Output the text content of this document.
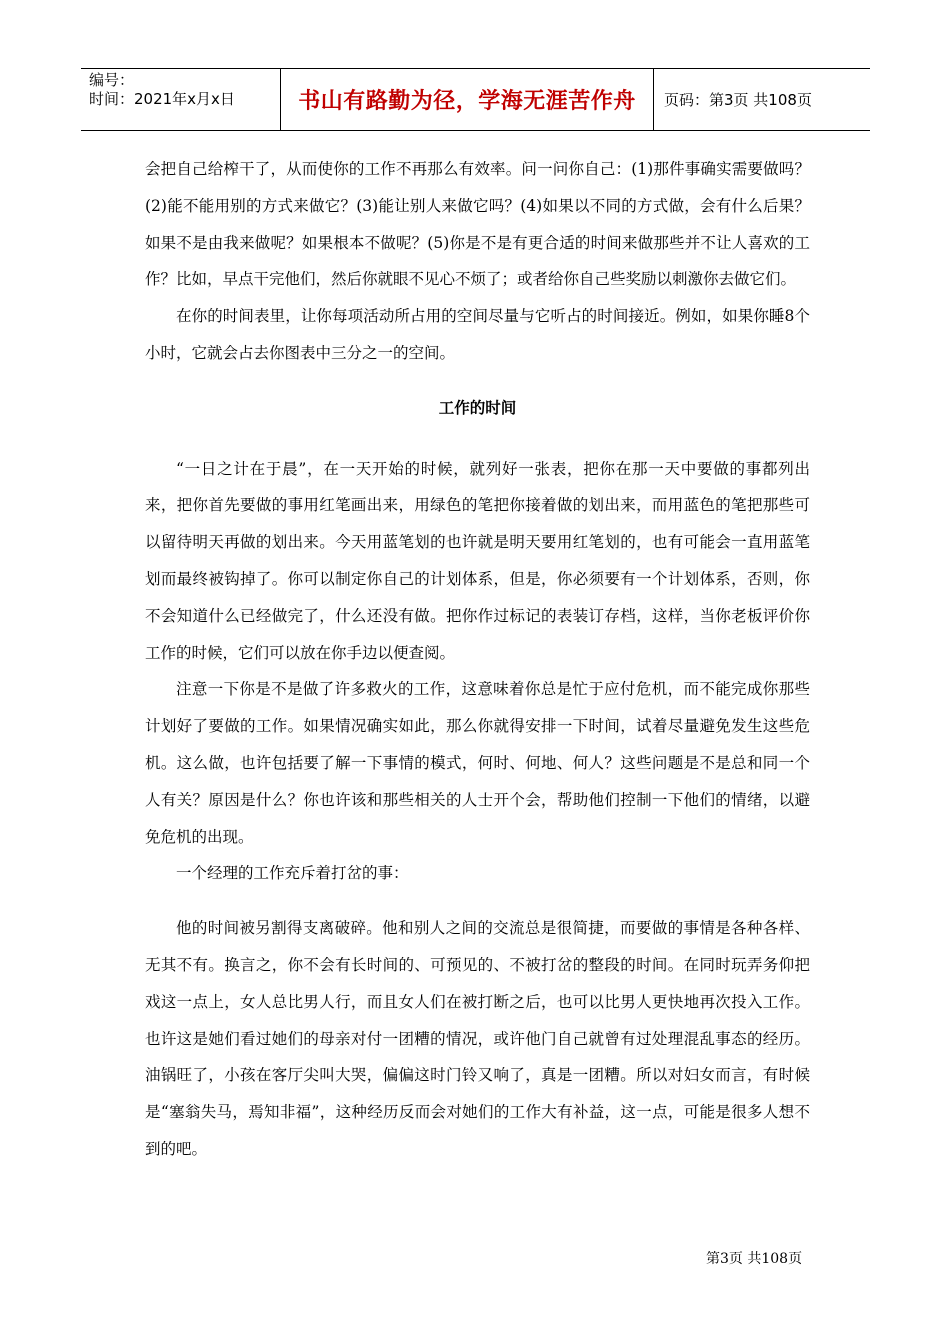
编号：
时间：2021年x月x日	书山有路勤为径，学海无涯苦作舟	页码：第3页 共108页

会把自己给榨干了，从而使你的工作不再那么有效率。问一问你自己：(1)那件事确实需要做吗？(2)能不能用别的方式来做它？(3)能让别人来做它吗？(4)如果以不同的方式做，会有什么后果？如果不是由我来做呢？如果根本不做呢？(5)你是不是有更合适的时间来做那些并不让人喜欢的工作？比如，早点干完他们，然后你就眼不见心不烦了；或者给你自己些奖励以刺激你去做它们。

在你的时间表里，让你每项活动所占用的空间尽量与它听占的时间接近。例如，如果你睡8个小时，它就会占去你图表中三分之一的空间。

工作的时间

“一日之计在于晨”，在一天开始的时候，就列好一张表，把你在那一天中要做的事都列出来，把你首先要做的事用红笔画出来，用绿色的笔把你接着做的划出来，而用蓝色的笔把那些可以留待明天再做的划出来。今天用蓝笔划的也许就是明天要用红笔划的，也有可能会一直用蓝笔划而最终被钩掉了。你可以制定你自己的计划体系，但是，你必须要有一个计划体系，否则，你不会知道什么已经做完了，什么还没有做。把你作过标记的表装订存档，这样，当你老板评价你工作的时候，它们可以放在你手边以便查阅。

注意一下你是不是做了许多救火的工作，这意味着你总是忙于应付危机，而不能完成你那些计划好了要做的工作。如果情况确实如此，那么你就得安排一下时间，试着尽量避免发生这些危机。这么做，也许包括要了解一下事情的模式，何时、何地、何人？这些问题是不是总和同一个人有关？原因是什么？你也许该和那些相关的人士开个会，帮助他们控制一下他们的情绪，以避免危机的出现。

一个经理的工作充斥着打岔的事：

他的时间被另割得支离破碎。他和别人之间的交流总是很简捷，而要做的事情是各种各样、无其不有。换言之，你不会有长时间的、可预见的、不被打岔的整段的时间。在同时玩弄务仰把戏这一点上，女人总比男人行，而且女人们在被打断之后，也可以比男人更快地再次投入工作。也许这是她们看过她们的母亲对付一团糟的情况，或许他门自己就曾有过处理混乱事态的经历。油锅旺了，小孩在客厅尖叫大哭，偏偏这时门铃又响了，真是一团糟。所以对妇女而言，有时候是“塞翁失马，焉知非福”，这种经历反而会对她们的工作大有补益，这一点，可能是很多人想不到的吧。

第3页 共108页
